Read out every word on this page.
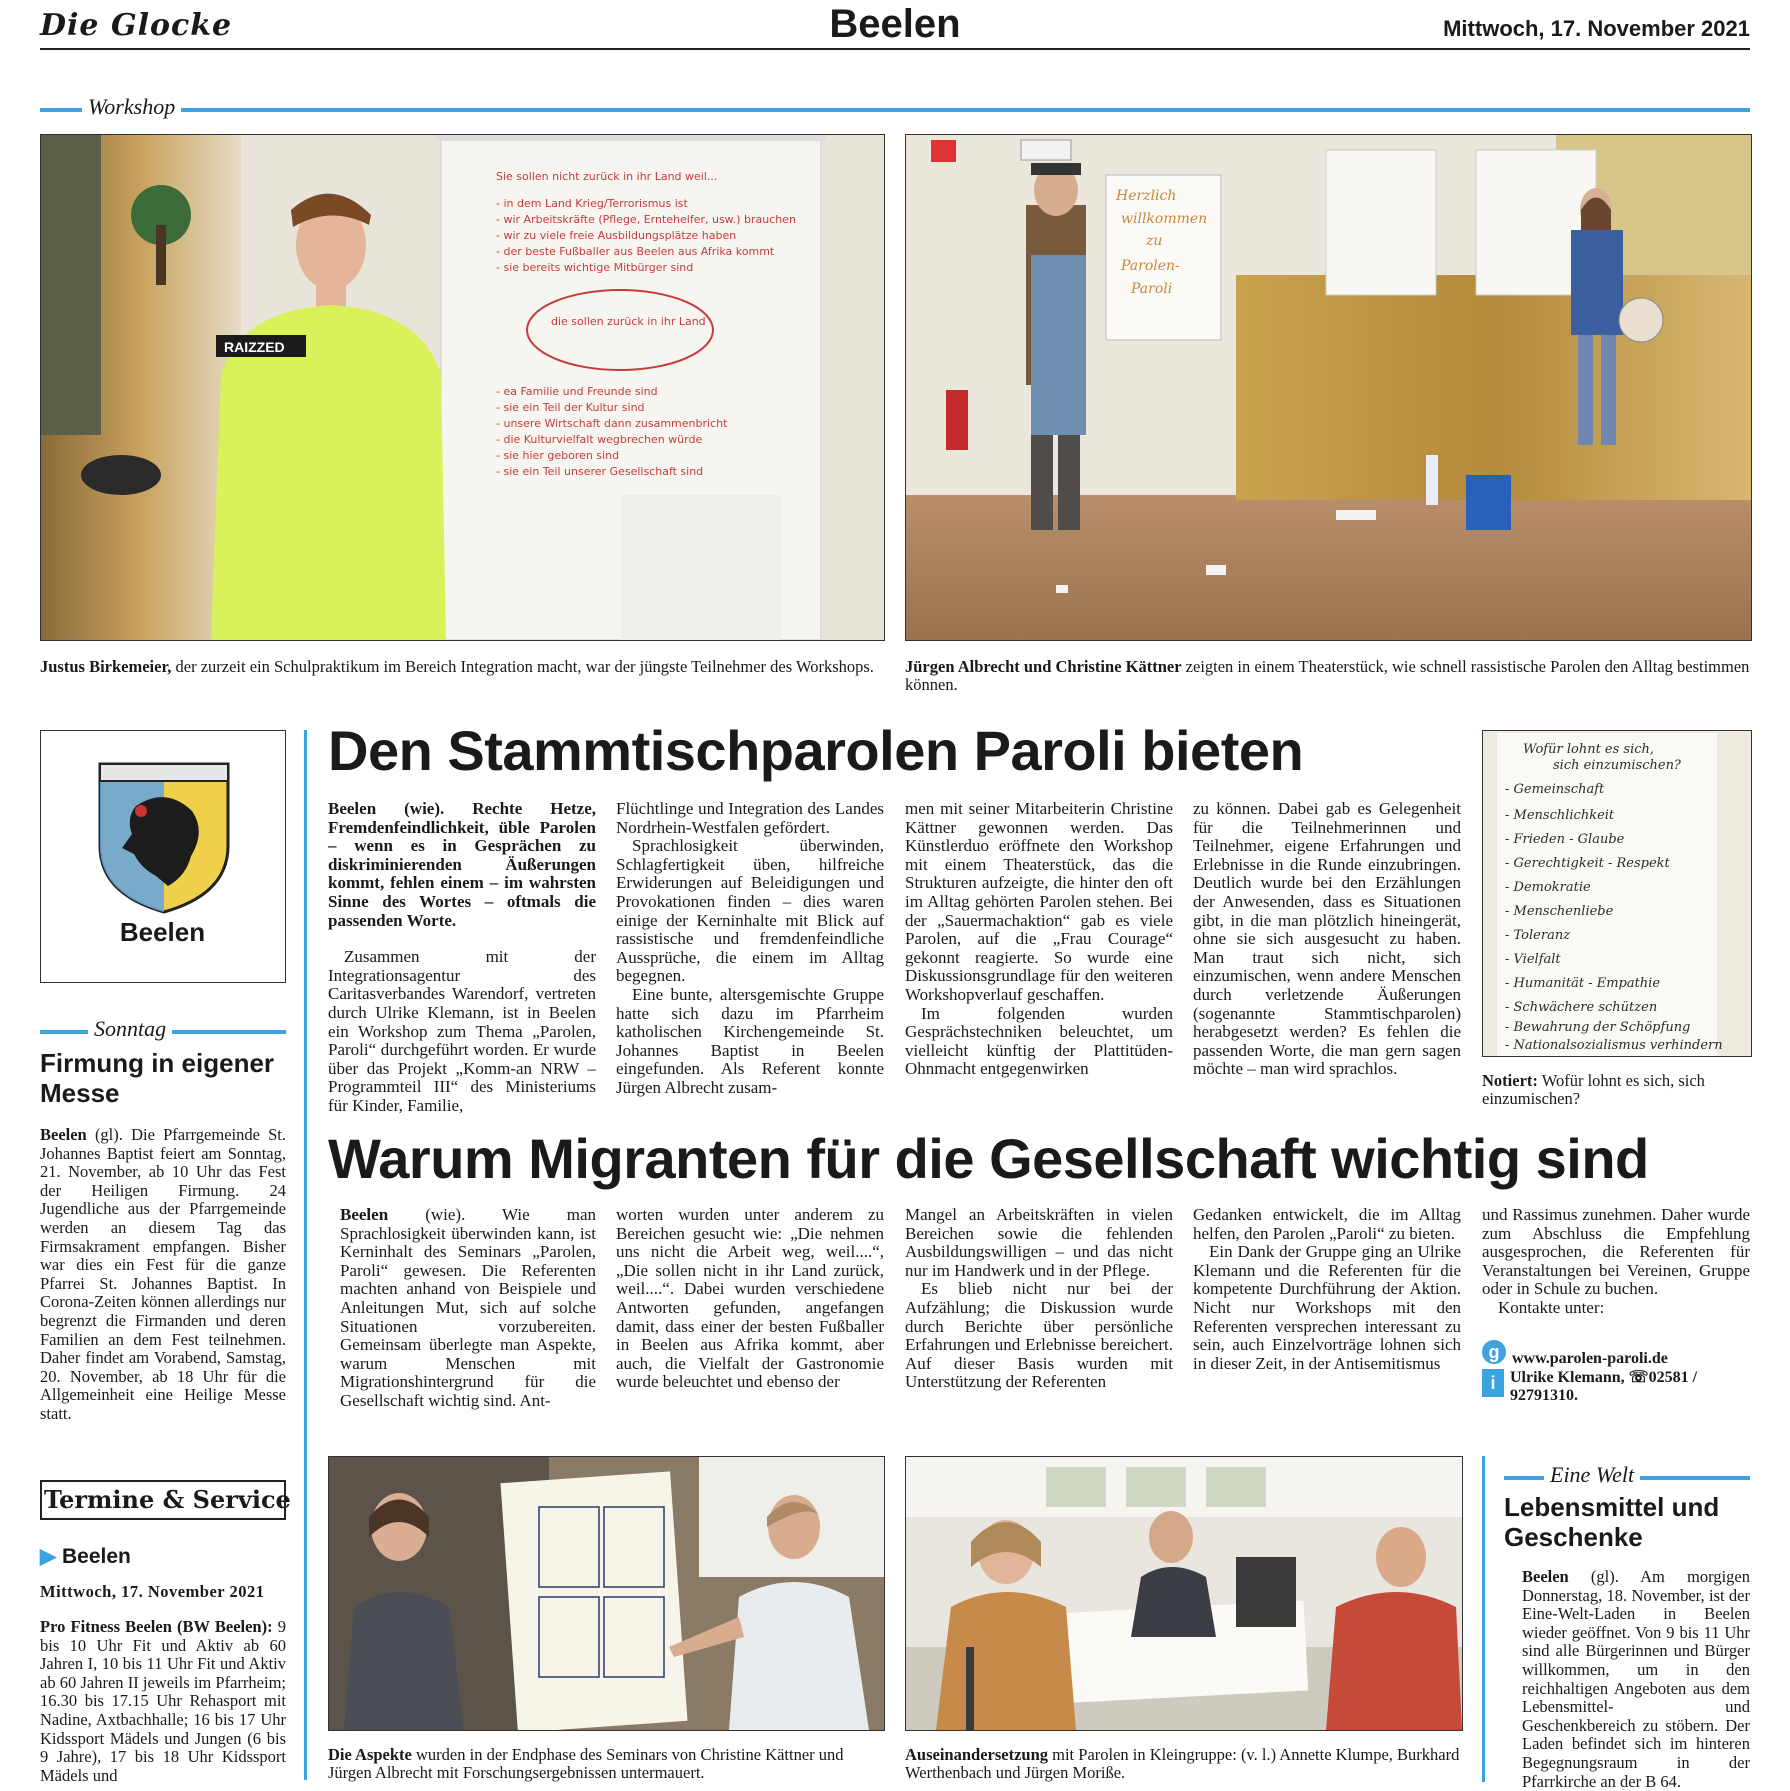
Die Glocke	Beelen	Mittwoch, 17. November 2021
Workshop
RAIZZED
Sie sollen nicht zurück in ihr Land weil...
- in dem Land Krieg/Terrorismus ist
- wir Arbeitskräfte (Pflege, Erntehelfer, usw.) brauchen
- wir zu viele freie Ausbildungsplätze haben
- der beste Fußballer aus Beelen aus Afrika kommt
- sie bereits wichtige Mitbürger sind
die sollen zurück in ihr Land
- ea Familie und Freunde sind
- sie ein Teil der Kultur sind
- unsere Wirtschaft dann zusammenbricht
- die Kulturvielfalt wegbrechen würde
- sie hier geboren sind
- sie ein Teil unserer Gesellschaft sind
Justus Birkemeier, der zurzeit ein Schulpraktikum im Bereich Integration macht, war der jüngste Teilnehmer des Workshops.
Herzlich
willkommen
zu
Parolen-
Paroli
Jürgen Albrecht und Christine Kättner zeigten in einem Theaterstück, wie schnell rassistische Parolen den Alltag bestimmen können.
Beelen
Den Stammtischparolen Paroli bieten

Beelen (wie). Rechte Hetze, Fremdenfeindlichkeit, üble Parolen – wenn es in Gesprächen zu diskriminierenden Äußerungen kommt, fehlen einem – im wahrsten Sinne des Wortes – oftmals die passenden Worte.

Zusammen mit der Integrationsagentur des Caritasverbandes Warendorf, vertreten durch Ulrike Klemann, ist in Beelen ein Workshop zum Thema „Parolen, Paroli“ durchgeführt worden. Er wurde über das Projekt „Komm-an NRW – Programmteil III“ des Ministeriums für Kinder, Familie,

Flüchtlinge und Integration des Landes Nordrhein-Westfalen gefördert.

Sprachlosigkeit überwinden, Schlagfertigkeit üben, hilfreiche Erwiderungen auf Beleidigungen und Provokationen finden – dies waren einige der Kerninhalte mit Blick auf rassistische und fremdenfeindliche Aussprüche, die einem im Alltag begegnen.

Eine bunte, altersgemischte Gruppe hatte sich dazu im Pfarrheim katholischen Kirchengemeinde St. Johannes Baptist in Beelen eingefunden. Als Referent konnte Jürgen Albrecht zusam-

men mit seiner Mitarbeiterin Christine Kättner gewonnen werden. Das Künstlerduo eröffnete den Workshop mit einem Theaterstück, das die Strukturen aufzeigte, die hinter den oft im Alltag gehörten Parolen stehen. Bei der „Sauermachaktion“ gab es viele Parolen, auf die „Frau Courage“ gekonnt reagierte. So wurde eine Diskussionsgrundlage für den weiteren Workshopverlauf geschaffen.

Im folgenden wurden Gesprächstechniken beleuchtet, um vielleicht künftig der Plattitüden-Ohnmacht entgegenwirken

zu können. Dabei gab es Gelegenheit für die Teilnehmerinnen und Teilnehmer, eigene Erfahrungen und Erlebnisse in die Runde einzubringen. Deutlich wurde bei den Erzählungen der Anwesenden, dass es Situationen gibt, in die man plötzlich hineingerät, ohne sie sich ausgesucht zu haben. Man traut sich nicht, sich einzumischen, wenn andere Menschen durch verletzende Äußerungen (sogenannte Stammtischparolen) herabgesetzt werden? Es fehlen die passenden Worte, die man gern sagen möchte – man wird sprachlos.

Wofür lohnt es sich,
sich einzumischen?
- Gemeinschaft
- Menschlichkeit
- Frieden - Glaube
- Gerechtigkeit - Respekt
- Demokratie
- Menschenliebe
- Toleranz
- Vielfalt
- Humanität - Empathie
- Schwächere schützen
- Bewahrung der Schöpfung
- Nationalsozialismus verhindern
Notiert: Wofür lohnt es sich, sich einzumischen?
Sonntag
Firmung in eigener Messe
Beelen (gl). Die Pfarrgemeinde St. Johannes Baptist feiert am Sonntag, 21. November, ab 10 Uhr das Fest der Heiligen Firmung. 24 Jugendliche aus der Pfarrgemeinde werden an diesem Tag das Firmsakrament empfangen. Bisher war dies ein Fest für die ganze Pfarrei St. Johannes Baptist. In Corona-Zeiten können allerdings nur begrenzt die Firmanden und deren Familien an dem Fest teilnehmen. Daher findet am Vorabend, Samstag, 20. November, ab 18 Uhr für die Allgemeinheit eine Heilige Messe statt.
Termine & Service
▶ Beelen
Mittwoch, 17. November 2021
Pro Fitness Beelen (BW Beelen): 9 bis 10 Uhr Fit und Aktiv ab 60 Jahren I, 10 bis 11 Uhr Fit und Aktiv ab 60 Jahren II jeweils im Pfarrheim; 16.30 bis 17.15 Uhr Rehasport mit Nadine, Axtbachhalle; 16 bis 17 Uhr Kidssport Mädels und Jungen (6 bis 9 Jahre), 17 bis 18 Uhr Kidssport Mädels und
Warum Migranten für die Gesellschaft wichtig sind

Beelen (wie). Wie man Sprachlosigkeit überwinden kann, ist Kerninhalt des Seminars „Parolen, Paroli“ gewesen. Die Referenten machten anhand von Beispiele und Anleitungen Mut, sich auf solche Situationen vorzubereiten. Gemeinsam überlegte man Aspekte, warum Menschen mit Migrationshintergrund für die Gesellschaft wichtig sind. Ant-

worten wurden unter anderem zu Bereichen gesucht wie: „Die nehmen uns nicht die Arbeit weg, weil....“, „Die sollen nicht in ihr Land zurück, weil....“. Dabei wurden verschiedene Antworten gefunden, angefangen damit, dass einer der besten Fußballer in Beelen aus Afrika kommt, aber auch, die Vielfalt der Gastronomie wurde beleuchtet und ebenso der

Mangel an Arbeitskräften in vielen Bereichen sowie die fehlenden Ausbildungswilligen – und das nicht nur im Handwerk und in der Pflege.

Es blieb nicht nur bei der Aufzählung; die Diskussion wurde durch Berichte über persönliche Erfahrungen und Erlebnisse bereichert. Auf dieser Basis wurden mit Unterstützung der Referenten

Gedanken entwickelt, die im Alltag helfen, den Parolen „Paroli“ zu bieten.

Ein Dank der Gruppe ging an Ulrike Klemann und die Referenten für die kompetente Durchführung der Aktion. Nicht nur Workshops mit den Referenten versprechen interessant zu sein, auch Einzelvorträge lohnen sich in dieser Zeit, in der Antisemitismus

und Rassimus zunehmen. Daher wurde zum Abschluss die Empfehlung ausgesprochen, die Referenten für Veranstaltungen bei Vereinen, Gruppe oder in Schule zu buchen.

Kontakte unter:

g www.parolen-paroli.de
i Ulrike Klemann, ☏02581 / 92791310.
Die Aspekte wurden in der Endphase des Seminars von Christine Kättner und Jürgen Albrecht mit Forschungsergebnissen untermauert.
Auseinandersetzung mit Parolen in Kleingruppe: (v. l.) Annette Klumpe, Burkhard Werthenbach und Jürgen Moriße.
Eine Welt
Lebensmittel und Geschenke
Beelen (gl). Am morgigen Donnerstag, 18. November, ist der Eine-Welt-Laden in Beelen wieder geöffnet. Von 9 bis 11 Uhr sind alle Bürgerinnen und Bürger willkommen, um in den reichhaltigen Angeboten aus dem Lebensmittel- und Geschenkbereich zu stöbern. Der Laden befindet sich im hinteren Begegnungsraum in der Pfarrkirche an der B 64.
